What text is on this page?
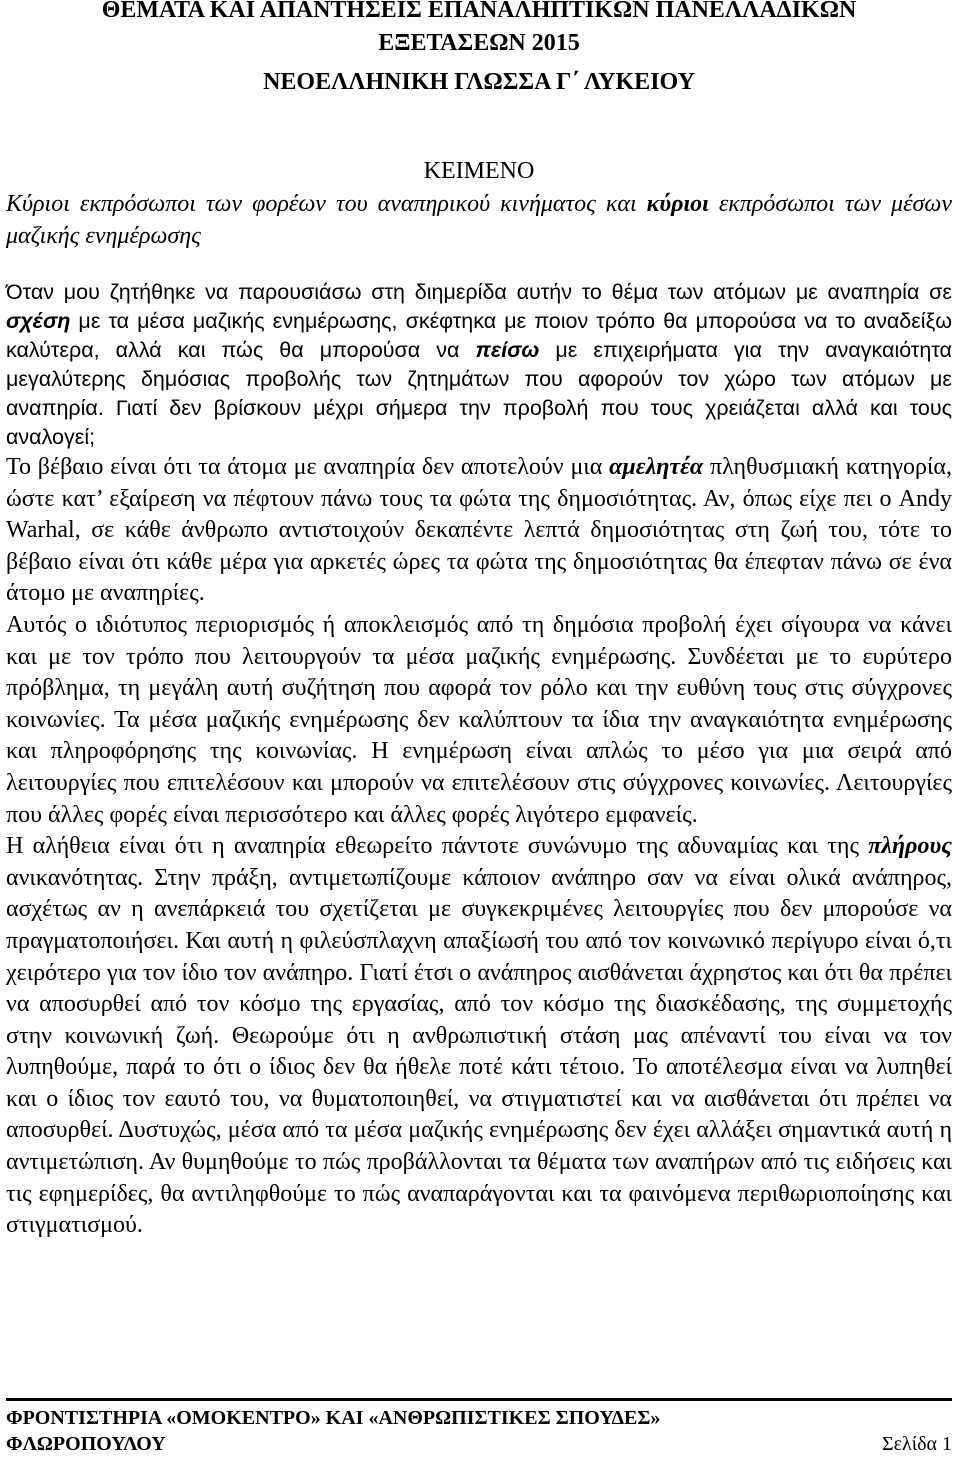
ΘΕΜΑΤΑ ΚΑΙ ΑΠΑΝΤΗΣΕΙΣ ΕΠΑΝΑΛΗΠΤΙΚΩΝ ΠΑΝΕΛΛΑΔΙΚΩΝ

ΕΞΕΤΑΣΕΩΝ 2015

ΝΕΟΕΛΛΗΝΙΚΗ ΓΛΩΣΣΑ Γ΄ ΛΥΚΕΙΟΥ

ΚΕΙΜΕΝΟ

Κύριοι εκπρόσωποι των φορέων του αναπηρικού κινήματος και κύριοι εκπρόσωποι των μέσων μαζικής ενημέρωσης

Όταν μου ζητήθηκε να παρουσιάσω στη διημερίδα αυτήν το θέμα των ατόμων με αναπηρία σε σχέση με τα μέσα μαζικής ενημέρωσης, σκέφτηκα με ποιον τρόπο θα μπορούσα να το αναδείξω καλύτερα, αλλά και πώς θα μπορούσα να πείσω με επιχειρήματα για την αναγκαιότητα μεγαλύτερης δημόσιας προβολής των ζητημάτων που αφορούν τον χώρο των ατόμων με αναπηρία. Γιατί δεν βρίσκουν μέχρι σήμερα την προβολή που τους χρειάζεται αλλά και τους αναλογεί;

Το βέβαιο είναι ότι τα άτομα με αναπηρία δεν αποτελούν μια αμελητέα πληθυσμιακή κατηγορία, ώστε κατ’ εξαίρεση να πέφτουν πάνω τους τα φώτα της δημοσιότητας. Αν, όπως είχε πει ο Andy Warhal, σε κάθε άνθρωπο αντιστοιχούν δεκαπέντε λεπτά δημοσιότητας στη ζωή του, τότε το βέβαιο είναι ότι κάθε μέρα για αρκετές ώρες τα φώτα της δημοσιότητας θα έπεφταν πάνω σε ένα άτομο με αναπηρίες.

Αυτός ο ιδιότυπος περιορισμός ή αποκλεισμός από τη δημόσια προβολή έχει σίγουρα να κάνει και με τον τρόπο που λειτουργούν τα μέσα μαζικής ενημέρωσης. Συνδέεται με το ευρύτερο πρόβλημα, τη μεγάλη αυτή συζήτηση που αφορά τον ρόλο και την ευθύνη τους στις σύγχρονες κοινωνίες. Τα μέσα μαζικής ενημέρωσης δεν καλύπτουν τα ίδια την αναγκαιότητα ενημέρωσης και πληροφόρησης της κοινωνίας. Η ενημέρωση είναι απλώς το μέσο για μια σειρά από λειτουργίες που επιτελέσουν και μπορούν να επιτελέσουν στις σύγχρονες κοινωνίες. Λειτουργίες που άλλες φορές είναι περισσότερο και άλλες φορές λιγότερο εμφανείς.

Η αλήθεια είναι ότι η αναπηρία εθεωρείτο πάντοτε συνώνυμο της αδυναμίας και της πλήρους ανικανότητας. Στην πράξη, αντιμετωπίζουμε κάποιον ανάπηρο σαν να είναι ολικά ανάπηρος, ασχέτως αν η ανεπάρκειά του σχετίζεται με συγκεκριμένες λειτουργίες που δεν μπορούσε να πραγματοποιήσει. Και αυτή η φιλεύσπλαχνη απαξίωσή του από τον κοινωνικό περίγυρο είναι ό,τι χειρότερο για τον ίδιο τον ανάπηρο. Γιατί έτσι ο ανάπηρος αισθάνεται άχρηστος και ότι θα πρέπει να αποσυρθεί από τον κόσμο της εργασίας, από τον κόσμο της διασκέδασης, της συμμετοχής στην κοινωνική ζωή. Θεωρούμε ότι η ανθρωπιστική στάση μας απέναντί του είναι να τον λυπηθούμε, παρά το ότι ο ίδιος δεν θα ήθελε ποτέ κάτι τέτοιο. Το αποτέλεσμα είναι να λυπηθεί και ο ίδιος τον εαυτό του, να θυματοποιηθεί, να στιγματιστεί και να αισθάνεται ότι πρέπει να αποσυρθεί. Δυστυχώς, μέσα από τα μέσα μαζικής ενημέρωσης δεν έχει αλλάξει σημαντικά αυτή η αντιμετώπιση. Αν θυμηθούμε το πώς προβάλλονται τα θέματα των αναπήρων από τις ειδήσεις και τις εφημερίδες, θα αντιληφθούμε το πώς αναπαράγονται και τα φαινόμενα περιθωριοποίησης και στιγματισμού.

ΦΡΟΝΤΙΣΤΗΡΙΑ «ΟΜΟΚΕΝΤΡΟ» ΚΑΙ «ΑΝΘΡΩΠΙΣΤΙΚΕΣ ΣΠΟΥΔΕΣ»
ΦΛΩΡΟΠΟΥΛΟΥ	Σελίδα 1
